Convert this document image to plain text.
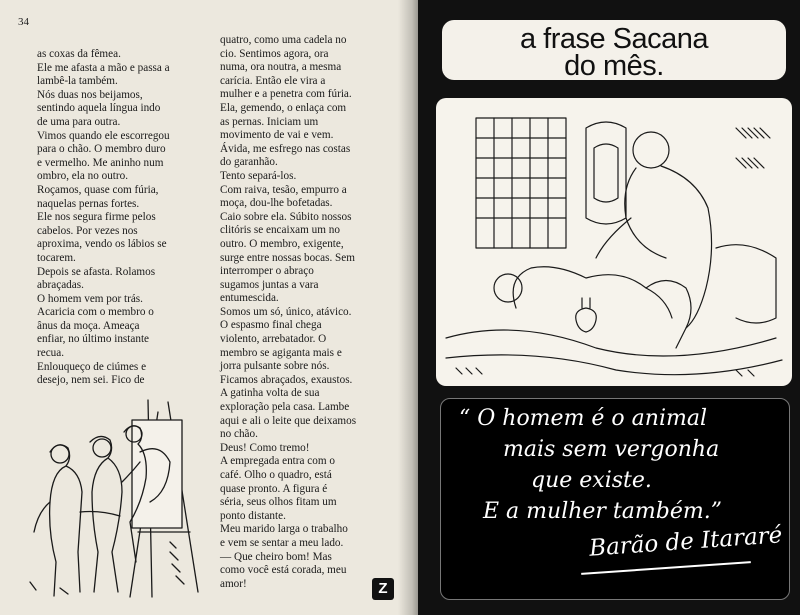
34
as coxas da fêmea.
Ele me afasta a mão e passa a
lambê-la também.
Nós duas nos beijamos,
sentindo aquela língua indo
de uma para outra.
Vimos quando ele escorregou
para o chão. O membro duro
e vermelho. Me aninho num
ombro, ela no outro.
Roçamos, quase com fúria,
naquelas pernas fortes.
Ele nos segura firme pelos
cabelos. Por vezes nos
aproxima, vendo os lábios se
tocarem.
Depois se afasta. Rolamos
abraçadas.
O homem vem por trás.
Acaricia com o membro o
ânus da moça. Ameaça
enfiar, no último instante
recua.
Enlouqueço de ciúmes e
desejo, nem sei. Fico de
quatro, como uma cadela no
cio. Sentimos agora, ora
numa, ora noutra, a mesma
carícia. Então ele vira a
mulher e a penetra com fúria.
Ela, gemendo, o enlaça com
as pernas. Iniciam um
movimento de vai e vem.
Ávida, me esfrego nas costas
do garanhão.
Tento separá-los.
Com raiva, tesão, empurro a
moça, dou-lhe bofetadas.
Caio sobre ela. Súbito nossos
clitóris se encaixam um no
outro. O membro, exigente,
surge entre nossas bocas. Sem
interromper o abraço
sugamos juntas a vara
entumescida.
Somos um só, único, atávico.
O espasmo final chega
violento, arrebatador. O
membro se agiganta mais e
jorra pulsante sobre nós.
Ficamos abraçados, exaustos.
A gatinha volta de sua
exploração pela casa. Lambe
aqui e ali o leite que deixamos
no chão.
Deus! Como tremo!
A empregada entra com o
café. Olho o quadro, está
quase pronto. A figura é
séria, seus olhos fitam um
ponto distante.
Meu marido larga o trabalho
e vem se sentar a meu lado.
— Que cheiro bom! Mas
como você está corada, meu
amor!	Z
a frase Sacana
do mês.
“ O homem é o animal
mais sem vergonha
que existe.
E a mulher também.”
Barão de Itararé
